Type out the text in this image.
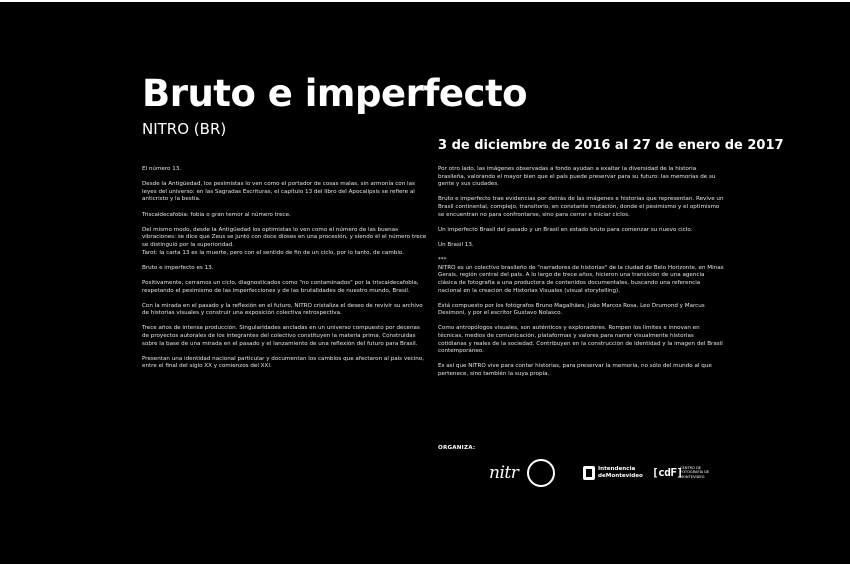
Bruto e imperfecto
NITRO (BR)
3 de diciembre de 2016 al 27 de enero de 2017

El número 13.

Desde la Antigüedad, los pesimistas lo ven como el portador de cosas malas, sin armonía con las leyes del universo: en las Sagradas Escrituras, el capítulo 13 del libro del Apocalipsis se refiere al anticristo y la bestia.

Triscaidecafobia: fobia o gran temor al número trece.

Del mismo modo, desde la Antigüedad los optimistas lo ven como el número de las buenas vibraciones: se dice que Zeus se juntó con doce dioses en una procesión, y siendo él el número trece se distinguió por la superioridad.

Tarot: la carta 13 es la muerte, pero con el sentido de fin de un ciclo, por lo tanto, de cambio.

Bruto e imperfecto es 13.

Positivamente, cerramos un ciclo, diagnosticados como "no contaminados" por la triscaidecafobia, respetando el pesimismo de las imperfecciones y de las brutalidades de nuestro mundo, Brasil.

Con la mirada en el pasado y la reflexión en el futuro, NITRO cristaliza el deseo de revivir su archivo de historias visuales y construir una exposición colectiva retrospectiva.

Trece años de intensa producción. Singularidades ancladas en un universo compuesto por decenas de proyectos autorales de los integrantes del colectivo constituyen la materia prima. Construidas sobre la base de una mirada en el pasado y el lanzamiento de una reflexión del futuro para Brasil.

Presentan una identidad nacional particular y documentan los cambios que afectaron al país vecino, entre el final del siglo XX y comienzos del XXI.

Por otro lado, las imágenes observadas a fondo ayudan a exaltar la diversidad de la historia brasileña, valorando el mayor bien que el país puede preservar para su futuro: las memorias de su gente y sus ciudades.

Bruto e imperfecto trae evidencias por detrás de las imágenes e historias que representan. Revive un Brasil continental, complejo, transitorio, en constante mutación, donde el pesimismo y el optimismo se encuentran no para confrontarse, sino para cerrar e iniciar ciclos.

Un imperfecto Brasil del pasado y un Brasil en estado bruto para comenzar su nuevo ciclo.

Un Brasil 13.

***

NITRO es un colectivo brasileño de "narradores de historias" de la ciudad de Belo Horizonte, en Minas Gerais, región central del país. A lo largo de trece años, hicieron una transición de una agencia clásica de fotografía a una productora de contenidos documentales, buscando una referencia nacional en la creación de Historias Visuales (visual storytelling).

Está compuesto por los fotógrafos Bruno Magalhães, João Marcos Rosa, Leo Drumond y Marcus Desimoni, y por el escritor Gustavo Nolasco.

Como antropólogos visuales, son auténticos y exploradores. Rompen los límites e innovan en técnicas, medios de comunicación, plataformas y valores para narrar visualmente historias cotidianas y reales de la sociedad. Contribuyen en la construcción de identidad y la imagen del Brasil contemporáneo.

Es así que NITRO vive para contar historias, para preservar la memoria, no sólo del mundo al que pertenece, sino también la suya propia.

ORGANIZA:
nitr	Intendencia
deMontevideo [cdF]
CENTRO DE FOTOGRAFÍA DE MONTEVIDEO
